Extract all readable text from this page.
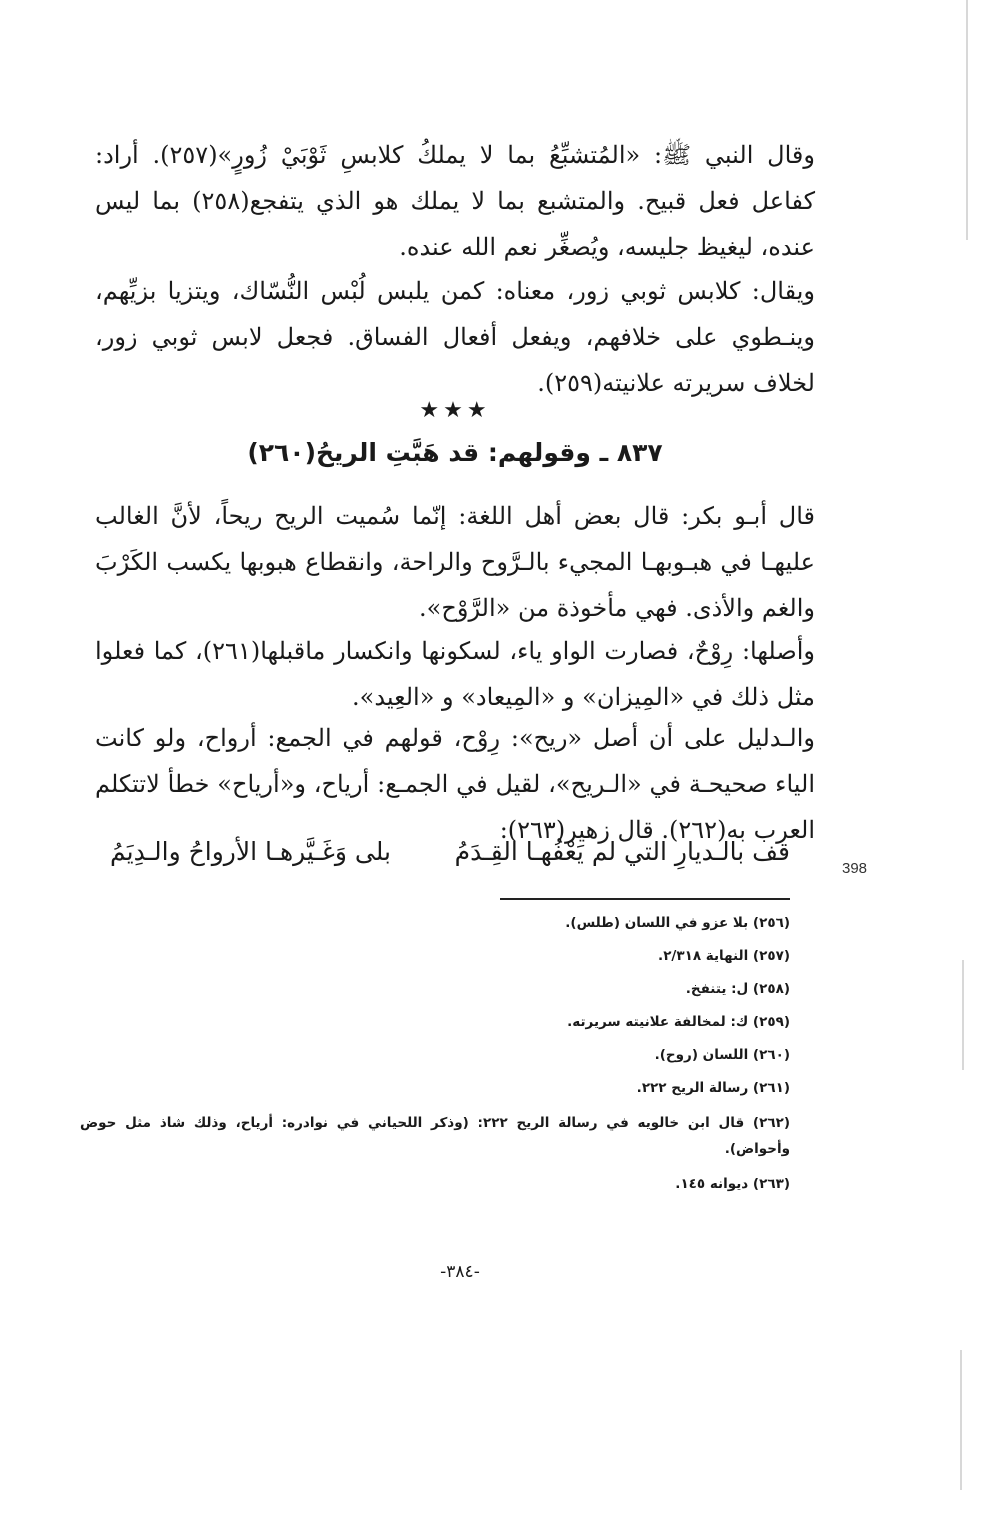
وقال النبي ﷺ: «المُتشبِّعُ بما لا يملكُ كلابسِ ثَوْبَيْ زُورٍ»(٢٥٧). أراد: كفاعل فعل قبيح. والمتشبع بما لا يملك هو الذي يتفجع(٢٥٨) بما ليس عنده، ليغيظ جليسه، ويُصغِّر نعم الله عنده.
ويقال: كلابس ثوبي زور، معناه: كمن يلبس لُبْس النُّسّاك، ويتزيا بزيِّهم، وينـطوي على خلافهم، ويفعل أفعال الفساق. فجعل لابس ثوبي زور، لخلاف سريرته علانيته(٢٥٩).
★★★
٨٣٧ ـ وقولهم: قد هَبَّتِ الريحُ(٢٦٠)
قال أبـو بكر: قال بعض أهل اللغة: إنّما سُميت الريح ريحاً، لأنَّ الغالب عليهـا في هبـوبهـا المجيء بالـرَّوح والراحة، وانقطاع هبوبها يكسب الكَرْبَ والغم والأذى. فهي مأخوذة من «الرَّوْح».
وأصلها: رِوْحٌ، فصارت الواو ياء، لسكونها وانكسار ماقبلها(٢٦١)، كما فعلوا مثل ذلك في «المِيزان» و «المِيعاد» و «العِيد».
والـدليل على أن أصل «ريح»: رِوْح، قولهم في الجمع: أرواح، ولو كانت الياء صحيحـة في «الـريح»، لقيل في الجمـع: أرياح، و«أرياح» خطأ لاتتكلم العرب به(٢٦٢). قال زهير(٢٦٣):
قف بالـديارِ التي لم يَعْفُهـا القِـدَمُ
بلى وَغَـيَّرهـا الأرواحُ والـدِيَمُ
398
(٢٥٦) بلا عزو في اللسان (طلس).
(٢٥٧) النهاية ٢/٣١٨.
(٢٥٨) ل: يتنفخ.
(٢٥٩) ك: لمخالفة علانيته سريرته.
(٢٦٠) اللسان (روح).
(٢٦١) رسالة الريح ٢٢٢.
(٢٦٢) قال ابن خالويه في رسالة الريح ٢٢٢: (وذكر اللحياني في نوادره: أرياح، وذلك شاذ مثل حوض وأحواض).
(٢٦٣) ديوانه ١٤٥.
-٣٨٤-
